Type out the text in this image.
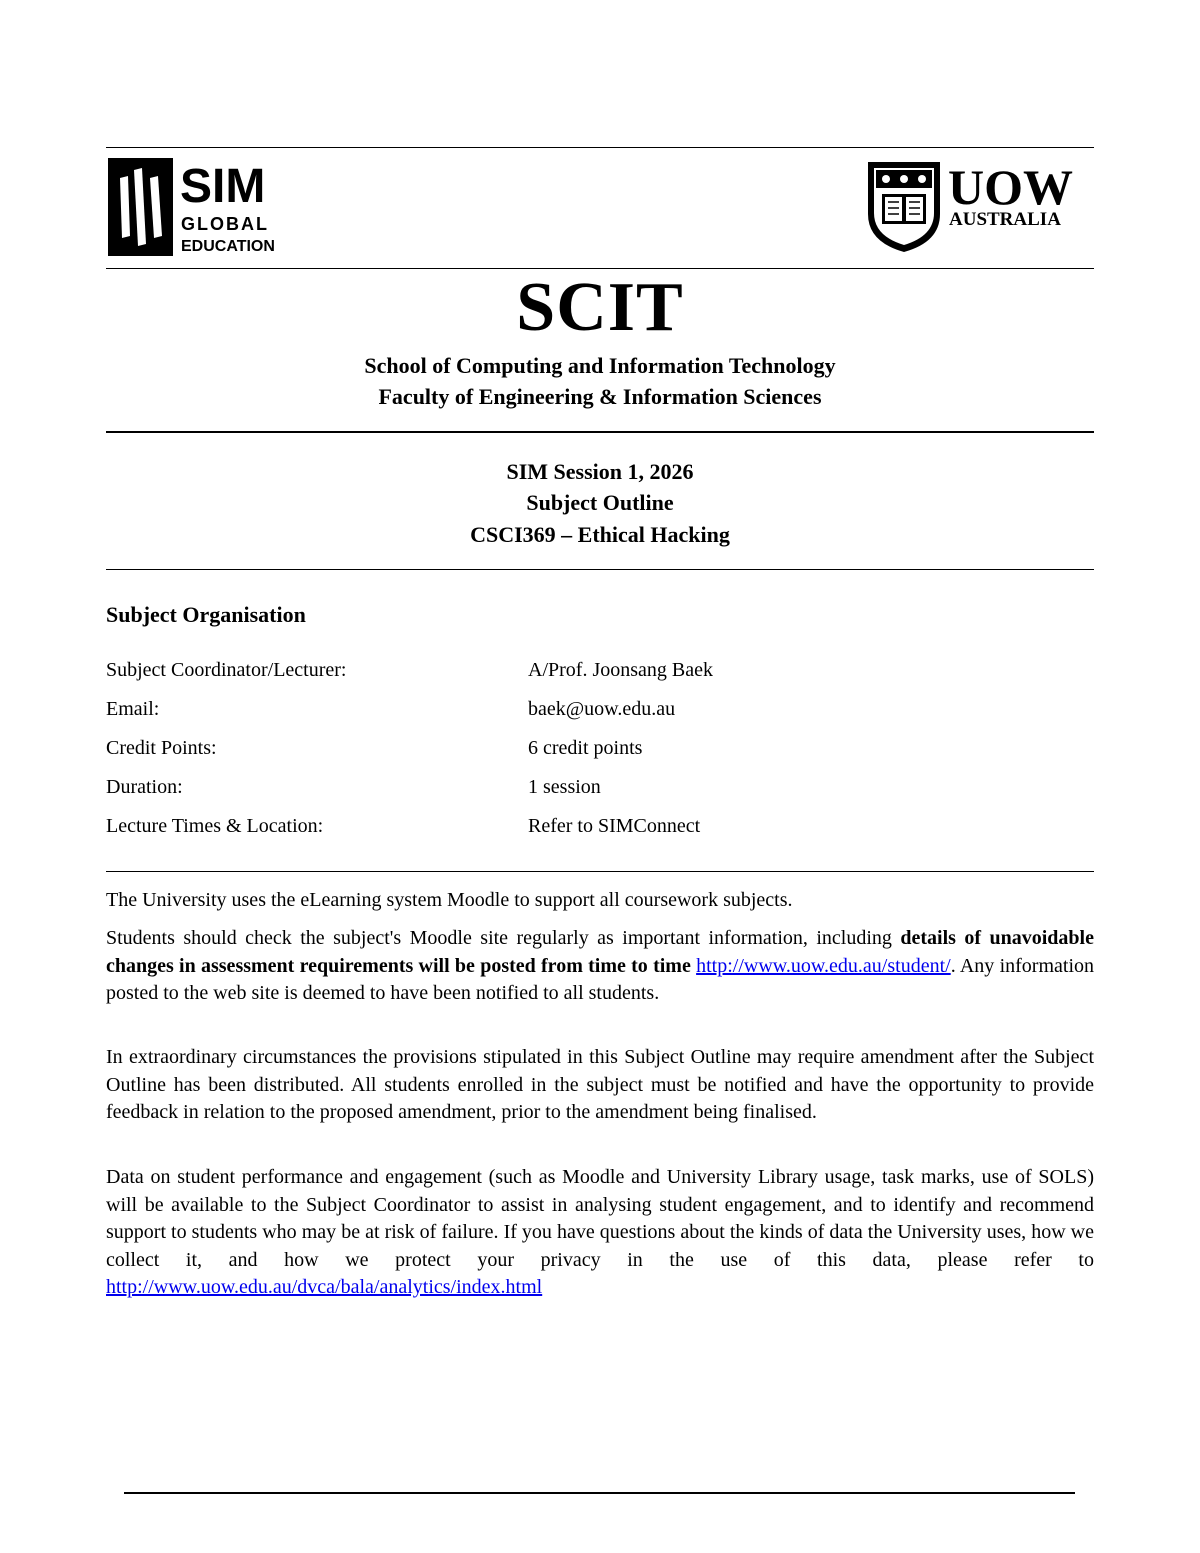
SIM
GLOBAL
EDUCATION
UOW
AUSTRALIA
SCIT
School of Computing and Information Technology
Faculty of Engineering & Information Sciences
SIM Session 1, 2026
Subject Outline
CSCI369 – Ethical Hacking
Subject Organisation
Subject Coordinator/Lecturer:	A/Prof. Joonsang Baek
Email:	baek@uow.edu.au
Credit Points:	6 credit points
Duration:	1 session
Lecture Times & Location:	Refer to SIMConnect
The University uses the eLearning system Moodle to support all coursework subjects.
Students should check the subject's Moodle site regularly as important information, including details of unavoidable changes in assessment requirements will be posted from time to time http://www.uow.edu.au/student/. Any information posted to the web site is deemed to have been notified to all students.
In extraordinary circumstances the provisions stipulated in this Subject Outline may require amendment after the Subject Outline has been distributed. All students enrolled in the subject must be notified and have the opportunity to provide feedback in relation to the proposed amendment, prior to the amendment being finalised.
Data on student performance and engagement (such as Moodle and University Library usage, task marks, use of SOLS) will be available to the Subject Coordinator to assist in analysing student engagement, and to identify and recommend support to students who may be at risk of failure. If you have questions about the kinds of data the University uses, how we collect it, and how we protect your privacy in the use of this data, please refer to http://www.uow.edu.au/dvca/bala/analytics/index.html
